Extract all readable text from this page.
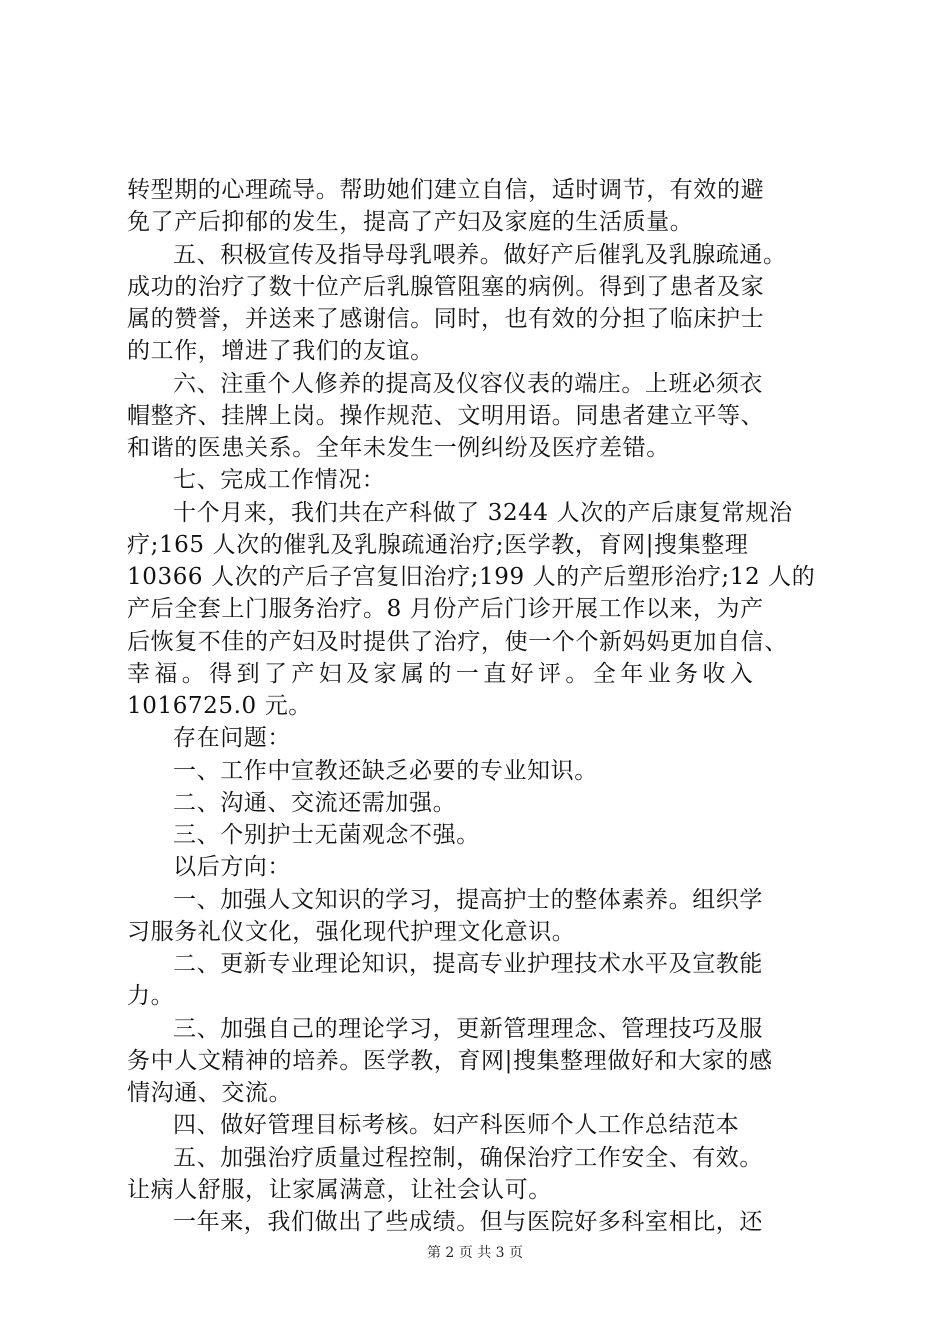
转型期的心理疏导。帮助她们建立自信，适时调节，有效的避
免了产后抑郁的发生，提高了产妇及家庭的生活质量。
五、积极宣传及指导母乳喂养。做好产后催乳及乳腺疏通。
成功的治疗了数十位产后乳腺管阻塞的病例。得到了患者及家
属的赞誉，并送来了感谢信。同时，也有效的分担了临床护士
的工作，增进了我们的友谊。
六、注重个人修养的提高及仪容仪表的端庄。上班必须衣
帽整齐、挂牌上岗。操作规范、文明用语。同患者建立平等、
和谐的医患关系。全年未发生一例纠纷及医疗差错。
七、完成工作情况：
十个月来，我们共在产科做了 3244 人次的产后康复常规治
疗;165 人次的催乳及乳腺疏通治疗;医学教，育网|搜集整理
10366 人次的产后子宫复旧治疗;199 人的产后塑形治疗;12 人的
产后全套上门服务治疗。8 月份产后门诊开展工作以来，为产
后恢复不佳的产妇及时提供了治疗，使一个个新妈妈更加自信、
幸福。得到了产妇及家属的一直好评。全年业务收入
1016725.0 元。
存在问题：
一、工作中宣教还缺乏必要的专业知识。
二、沟通、交流还需加强。
三、个别护士无菌观念不强。
以后方向：
一、加强人文知识的学习，提高护士的整体素养。组织学
习服务礼仪文化，强化现代护理文化意识。
二、更新专业理论知识，提高专业护理技术水平及宣教能
力。
三、加强自己的理论学习，更新管理理念、管理技巧及服
务中人文精神的培养。医学教，育网|搜集整理做好和大家的感
情沟通、交流。
四、做好管理目标考核。妇产科医师个人工作总结范本
五、加强治疗质量过程控制，确保治疗工作安全、有效。
让病人舒服，让家属满意，让社会认可。
一年来，我们做出了些成绩。但与医院好多科室相比，还
第 2 页 共 3 页
